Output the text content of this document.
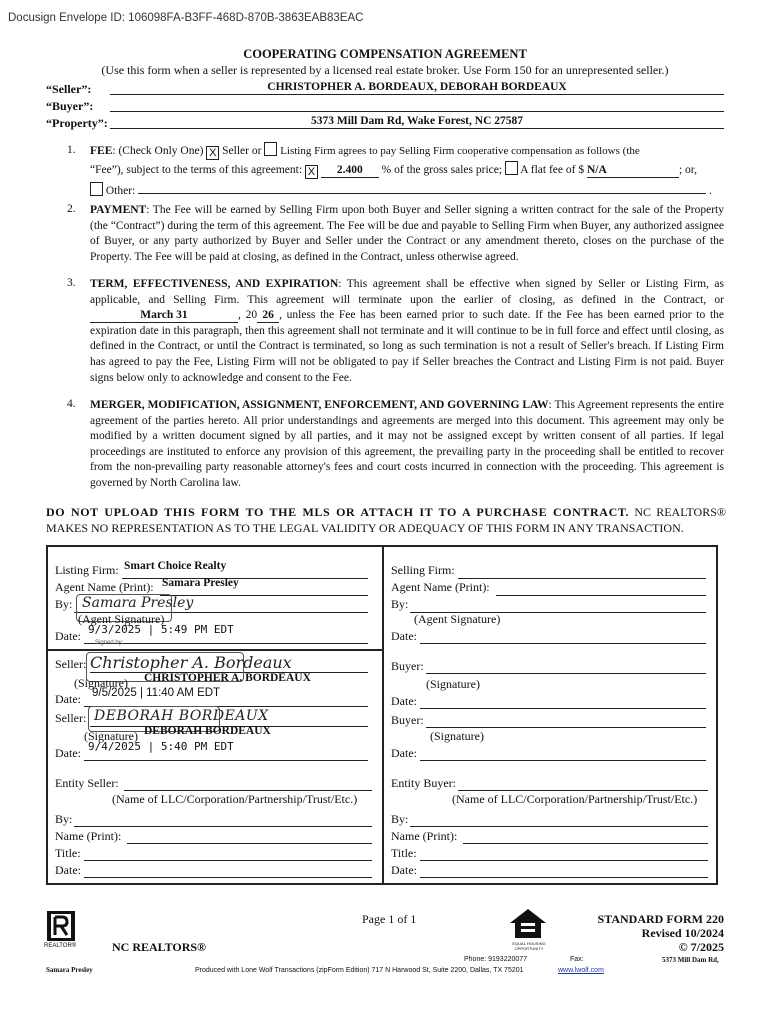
Docusign Envelope ID: 106098FA-B3FF-468D-870B-3863EAB83EAC
COOPERATING COMPENSATION AGREEMENT
(Use this form when a seller is represented by a licensed real estate broker. Use Form 150 for an unrepresented seller.)
“Seller”:	CHRISTOPHER A. BORDEAUX, DEBORAH BORDEAUX
“Buyer”:
“Property”:	5373 Mill Dam Rd, Wake Forest, NC 27587
1. FEE: (Check Only One) X Seller or Listing Firm agrees to pay Selling Firm cooperative compensation as follows (the
“Fee”), subject to the terms of this agreement: X 2.400 % of the gross sales price; A flat fee of $ N/A	; or,
Other:	.
2. PAYMENT: The Fee will be earned by Selling Firm upon both Buyer and Seller signing a written contract for the sale of the Property (the “Contract”) during the term of this agreement. The Fee will be due and payable to Selling Firm when Buyer, any authorized assignee of Buyer, or any party authorized by Buyer and Seller under the Contract or any amendment thereto, closes on the purchase of the Property. The Fee will be paid at closing, as defined in the Contract, unless otherwise agreed.
3. TERM, EFFECTIVENESS, AND EXPIRATION: This agreement shall be effective when signed by Seller or Listing Firm, as applicable, and Selling Firm. This agreement will terminate upon the earlier of closing, as defined in the Contract, or March 31	, 20 26 , unless the Fee has been earned prior to such date. If the Fee has been earned prior to the expiration date in this paragraph, then this agreement shall not terminate and it will continue to be in full force and effect until closing, as defined in the Contract, or until the Contract is terminated, so long as such termination is not a result of Seller's breach. If Listing Firm has agreed to pay the Fee, Listing Firm will not be obligated to pay if Seller breaches the Contract and Listing Firm is not paid. Buyer signs below only to acknowledge and consent to the Fee.
4. MERGER, MODIFICATION, ASSIGNMENT, ENFORCEMENT, AND GOVERNING LAW: This Agreement represents the entire agreement of the parties hereto. All prior understandings and agreements are merged into this document. This agreement may only be modified by a written document signed by all parties, and it may not be assigned except by written consent of all parties. If legal proceedings are instituted to enforce any provision of this agreement, the prevailing party in the proceeding shall be entitled to recover from the non-prevailing party reasonable attorney's fees and court costs incurred in connection with the proceeding. This agreement is governed by North Carolina law.
DO NOT UPLOAD THIS FORM TO THE MLS OR ATTACH IT TO A PURCHASE CONTRACT. NC REALTORS® MAKES NO REPRESENTATION AS TO THE LEGAL VALIDITY OR ADEQUACY OF THIS FORM IN ANY TRANSACTION.
Listing Firm: Smart Choice Realty
Agent Name (Print): Samara Presley
By: Samara Presley
(Agent Signature)
Date: 9/3/2025 | 5:49 PM EDT
Signed by:
Seller: Christopher A. Bordeaux
(Signature) CHRISTOPHER A. BORDEAUX
Date: 9/5/2025 | 11:40 AM EDT
Seller: DEBORAH BORDEAUX
(Signature) DEBORAH BORDEAUX
Date: 9/4/2025 | 5:40 PM EDT
Entity Seller:
(Name of LLC/Corporation/Partnership/Trust/Etc.)
By:
Name (Print):
Title:
Date:
Selling Firm:
Agent Name (Print):
By:
(Agent Signature)
Date:
Buyer:
(Signature)
Date:
Buyer:
(Signature)
Date:
Entity Buyer:
(Name of LLC/Corporation/Partnership/Trust/Etc.)
By:
Name (Print):
Title:
Date:
REALTOR®	NC REALTORS®
Page 1 of 1
EQUAL HOUSING OPPORTUNITY
STANDARD FORM 220
Revised 10/2024
© 7/2025
Samara Presley
Phone: 9193220077	Fax:	5373 Mill Dam Rd,
Produced with Lone Wolf Transactions (zipForm Edition) 717 N Harwood St, Suite 2200, Dallas, TX 75201	www.lwolf.com
